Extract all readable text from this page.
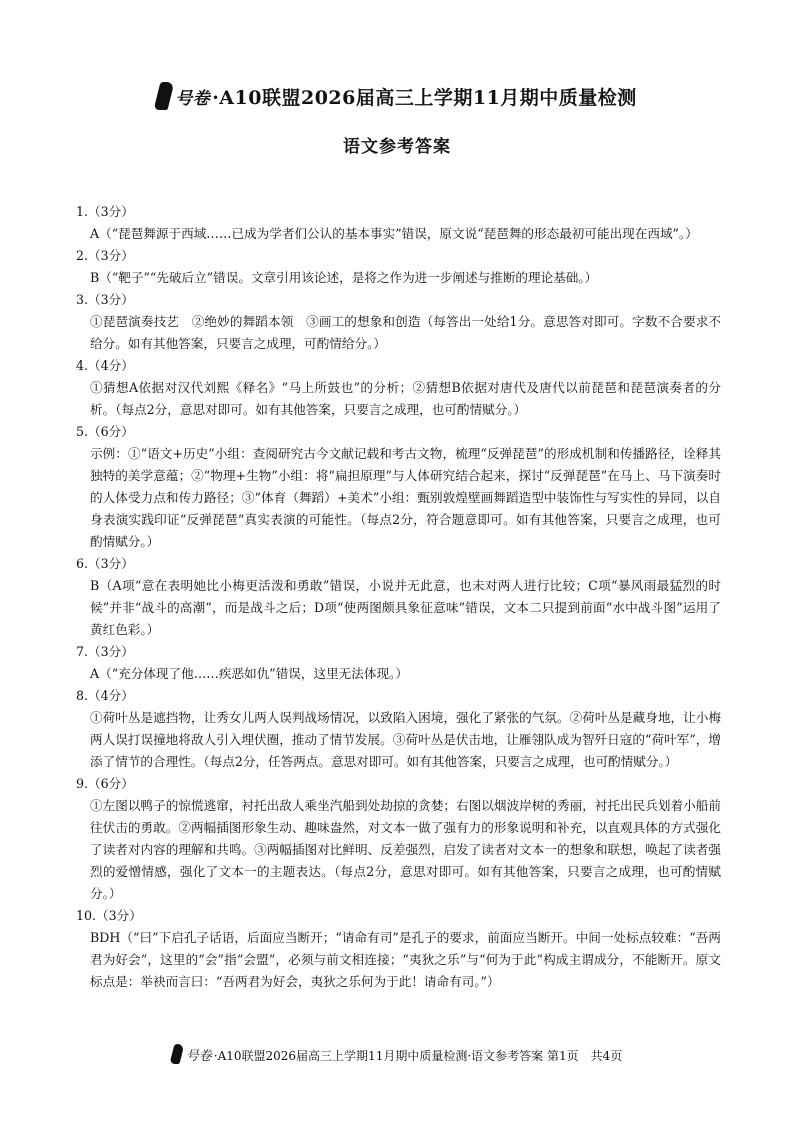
号卷 ·A10联盟2026届高三上学期11月期中质量检测
语文参考答案
1.（3分）
A（“琵琶舞源于西域……已成为学者们公认的基本事实”错误，原文说“琵琶舞的形态最初可能出现在西域”。）
2.（3分）
B（“靶子”“先破后立”错误。文章引用该论述，是将之作为进一步阐述与推断的理论基础。）
3.（3分）
①琵琶演奏技艺　②绝妙的舞蹈本领　③画工的想象和创造（每答出一处给1分。意思答对即可。字数不合要求不给分。如有其他答案，只要言之成理，可酌情给分。）
4.（4分）
①猜想A依据对汉代刘熙《释名》“马上所鼓也”的分析；②猜想B依据对唐代及唐代以前琵琶和琵琶演奏者的分析。（每点2分，意思对即可。如有其他答案，只要言之成理，也可酌情赋分。）
5.（6分）
示例：①“语文+历史”小组：查阅研究古今文献记载和考古文物，梳理“反弹琵琶”的形成机制和传播路径，诠释其独特的美学意蕴；②“物理+生物”小组：将“扁担原理”与人体研究结合起来，探讨“反弹琵琶”在马上、马下演奏时的人体受力点和传力路径；③“体育（舞蹈）+美术”小组：甄别敦煌壁画舞蹈造型中装饰性与写实性的异同，以自身表演实践印证“反弹琵琶”真实表演的可能性。（每点2分，符合题意即可。如有其他答案，只要言之成理，也可酌情赋分。）
6.（3分）
B（A项“意在表明她比小梅更活泼和勇敢”错误，小说并无此意，也未对两人进行比较；C项“暴风雨最猛烈的时候”并非“战斗的高潮”，而是战斗之后；D项“使两图颇具象征意味”错误，文本二只提到前面“水中战斗图”运用了黄红色彩。）
7.（3分）
A（“充分体现了他……疾恶如仇”错误，这里无法体现。）
8.（4分）
①荷叶丛是遮挡物，让秀女儿两人误判战场情况，以致陷入困境，强化了紧张的气氛。②荷叶丛是藏身地，让小梅两人误打误撞地将敌人引入埋伏圈，推动了情节发展。③荷叶丛是伏击地，让雁翎队成为智歼日寇的“荷叶军”，增添了情节的合理性。（每点2分，任答两点。意思对即可。如有其他答案，只要言之成理，也可酌情赋分。）
9.（6分）
①左图以鸭子的惊慌逃窜，衬托出敌人乘坐汽船到处劫掠的贪婪；右图以烟波岸树的秀丽，衬托出民兵划着小船前往伏击的勇敢。②两幅插图形象生动、趣味盎然，对文本一做了强有力的形象说明和补充，以直观具体的方式强化了读者对内容的理解和共鸣。③两幅插图对比鲜明、反差强烈，启发了读者对文本一的想象和联想，唤起了读者强烈的爱憎情感，强化了文本一的主题表达。（每点2分，意思对即可。如有其他答案，只要言之成理，也可酌情赋分。）
10.（3分）
BDH（“曰”下启孔子话语，后面应当断开；“请命有司”是孔子的要求，前面应当断开。中间一处标点较难：“吾两君为好会”，这里的“会”指“会盟”，必须与前文相连接；“夷狄之乐”与“何为于此”构成主谓成分，不能断开。原文标点是：举袂而言曰：“吾两君为好会，夷狄之乐何为于此！请命有司。”）
号卷 ·A10联盟2026届高三上学期11月期中质量检测·语文参考答案 第1页　共4页
